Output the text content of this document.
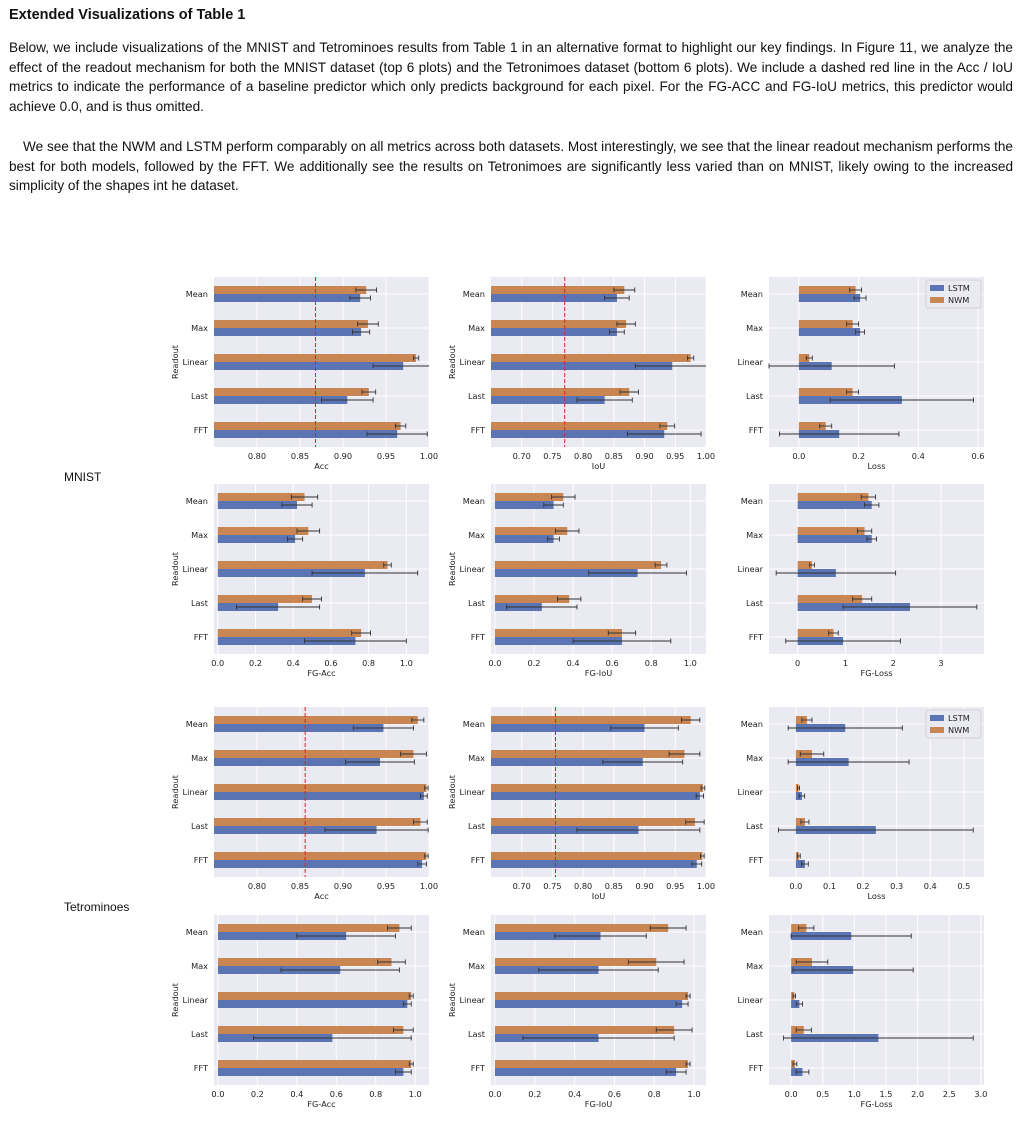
Extended Visualizations of Table 1

Below, we include visualizations of the MNIST and Tetrominoes results from Table 1 in an alternative format to highlight our key findings. In Figure 11, we analyze the effect of the readout mechanism for both the MNIST dataset (top 6 plots) and the Tetronimoes dataset (bottom 6 plots). We include a dashed red line in the Acc / IoU metrics to indicate the performance of a baseline predictor which only predicts background for each pixel. For the FG-ACC and FG-IoU metrics, this predictor would achieve 0.0, and is thus omitted.

We see that the NWM and LSTM perform comparably on all metrics across both datasets. Most interestingly, we see that the linear readout mechanism performs the best for both models, followed by the FFT. We additionally see the results on Tetronimoes are significantly less varied than on MNIST, likely owing to the increased simplicity of the shapes int he dataset.

Mean
Max
Linear
Last
FFT
0.80	0.85	0.90	0.95	1.00
Acc
Readout
Mean
Max
Linear
Last
FFT
0.70 0.75 0.80 0.85 0.90 0.95 1.00
IoU
Readout
Mean
Max
Linear
Last
FFT
0.0	0.2	0.4	0.6
Loss
LSTM
NWM
Mean
Max
Linear
Last
FFT
0.0	0.2	0.4	0.6	0.8	1.0
FG-Acc
Readout
Mean
Max
Linear
Last
FFT
0.0	0.2	0.4	0.6	0.8	1.0
FG-IoU
Readout
Mean
Max
Linear
Last
FFT
0	1	2	3
FG-Loss
Mean
Max
Linear
Last
FFT
0.80	0.85	0.90	0.95	1.00
Acc
Readout
Mean
Max
Linear
Last
FFT
0.70 0.75 0.80 0.85 0.90 0.95 1.00
IoU
Readout
Mean
Max
Linear
Last
FFT
0.0	0.1	0.2	0.3	0.4	0.5
Loss
LSTM
NWM
Mean
Max
Linear
Last
FFT
0.0	0.2	0.4	0.6	0.8	1.0
FG-Acc
Readout
Mean
Max
Linear
Last
FFT
0.0	0.2	0.4	0.6	0.8	1.0
FG-IoU
Readout
Mean
Max
Linear
Last
FFT
0.0 0.5 1.0 1.5 2.0 2.5 3.0
FG-Loss
MNIST
Tetrominoes
